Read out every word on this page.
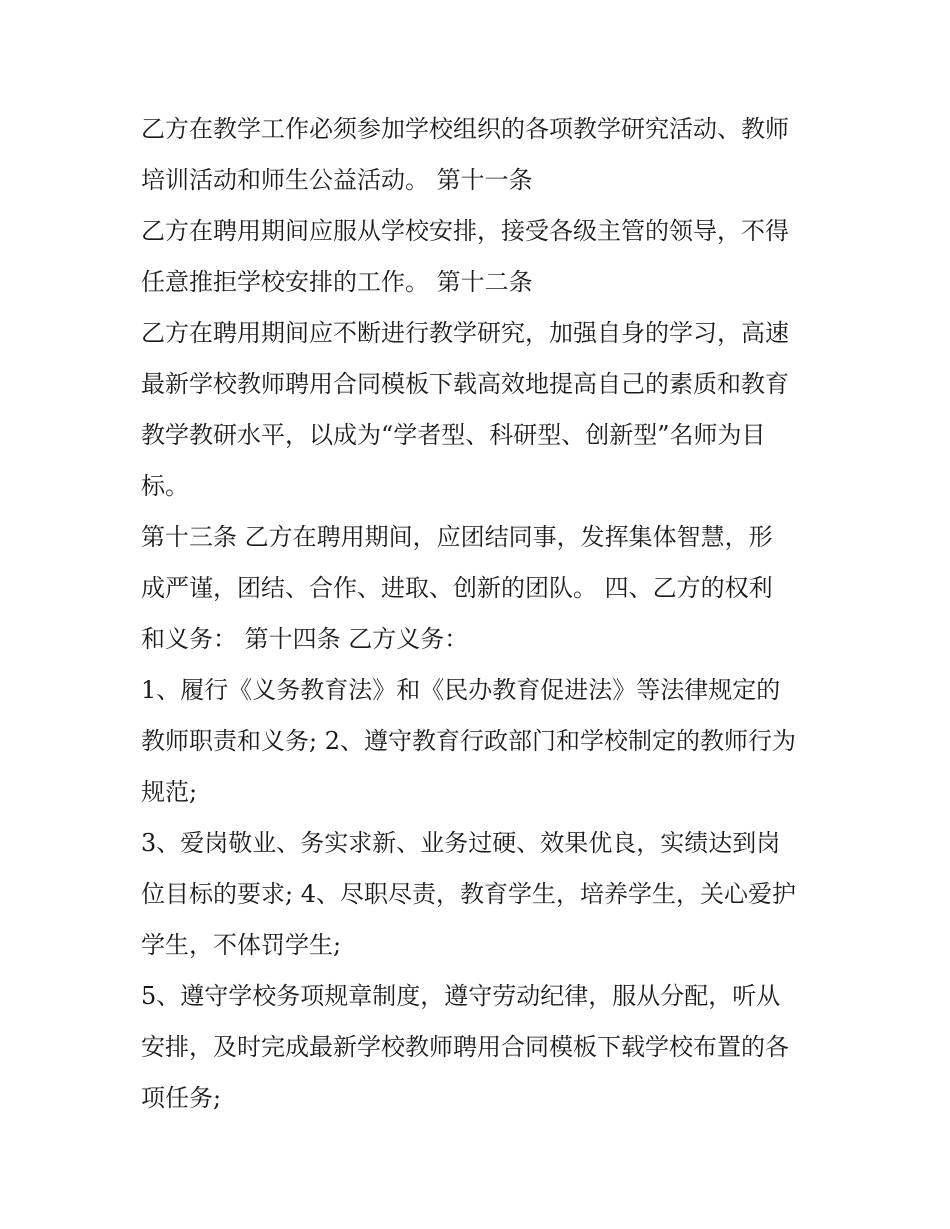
乙方在教学工作必须参加学校组织的各项教学研究活动、教师
培训活动和师生公益活动。 第十一条
乙方在聘用期间应服从学校安排，接受各级主管的领导，不得
任意推拒学校安排的工作。 第十二条
乙方在聘用期间应不断进行教学研究，加强自身的学习，高速
最新学校教师聘用合同模板下载高效地提高自己的素质和教育
教学教研水平，以成为“学者型、科研型、创新型”名师为目
标。
第十三条 乙方在聘用期间，应团结同事，发挥集体智慧，形
成严谨，团结、合作、进取、创新的团队。 四、乙方的权利
和义务： 第十四条 乙方义务：
1、履行《义务教育法》和《民办教育促进法》等法律规定的
教师职责和义务; 2、遵守教育行政部门和学校制定的教师行为
规范;
3、爱岗敬业、务实求新、业务过硬、效果优良，实绩达到岗
位目标的要求; 4、尽职尽责，教育学生，培养学生，关心爱护
学生，不体罚学生;
5、遵守学校务项规章制度，遵守劳动纪律，服从分配，听从
安排，及时完成最新学校教师聘用合同模板下载学校布置的各
项任务;
